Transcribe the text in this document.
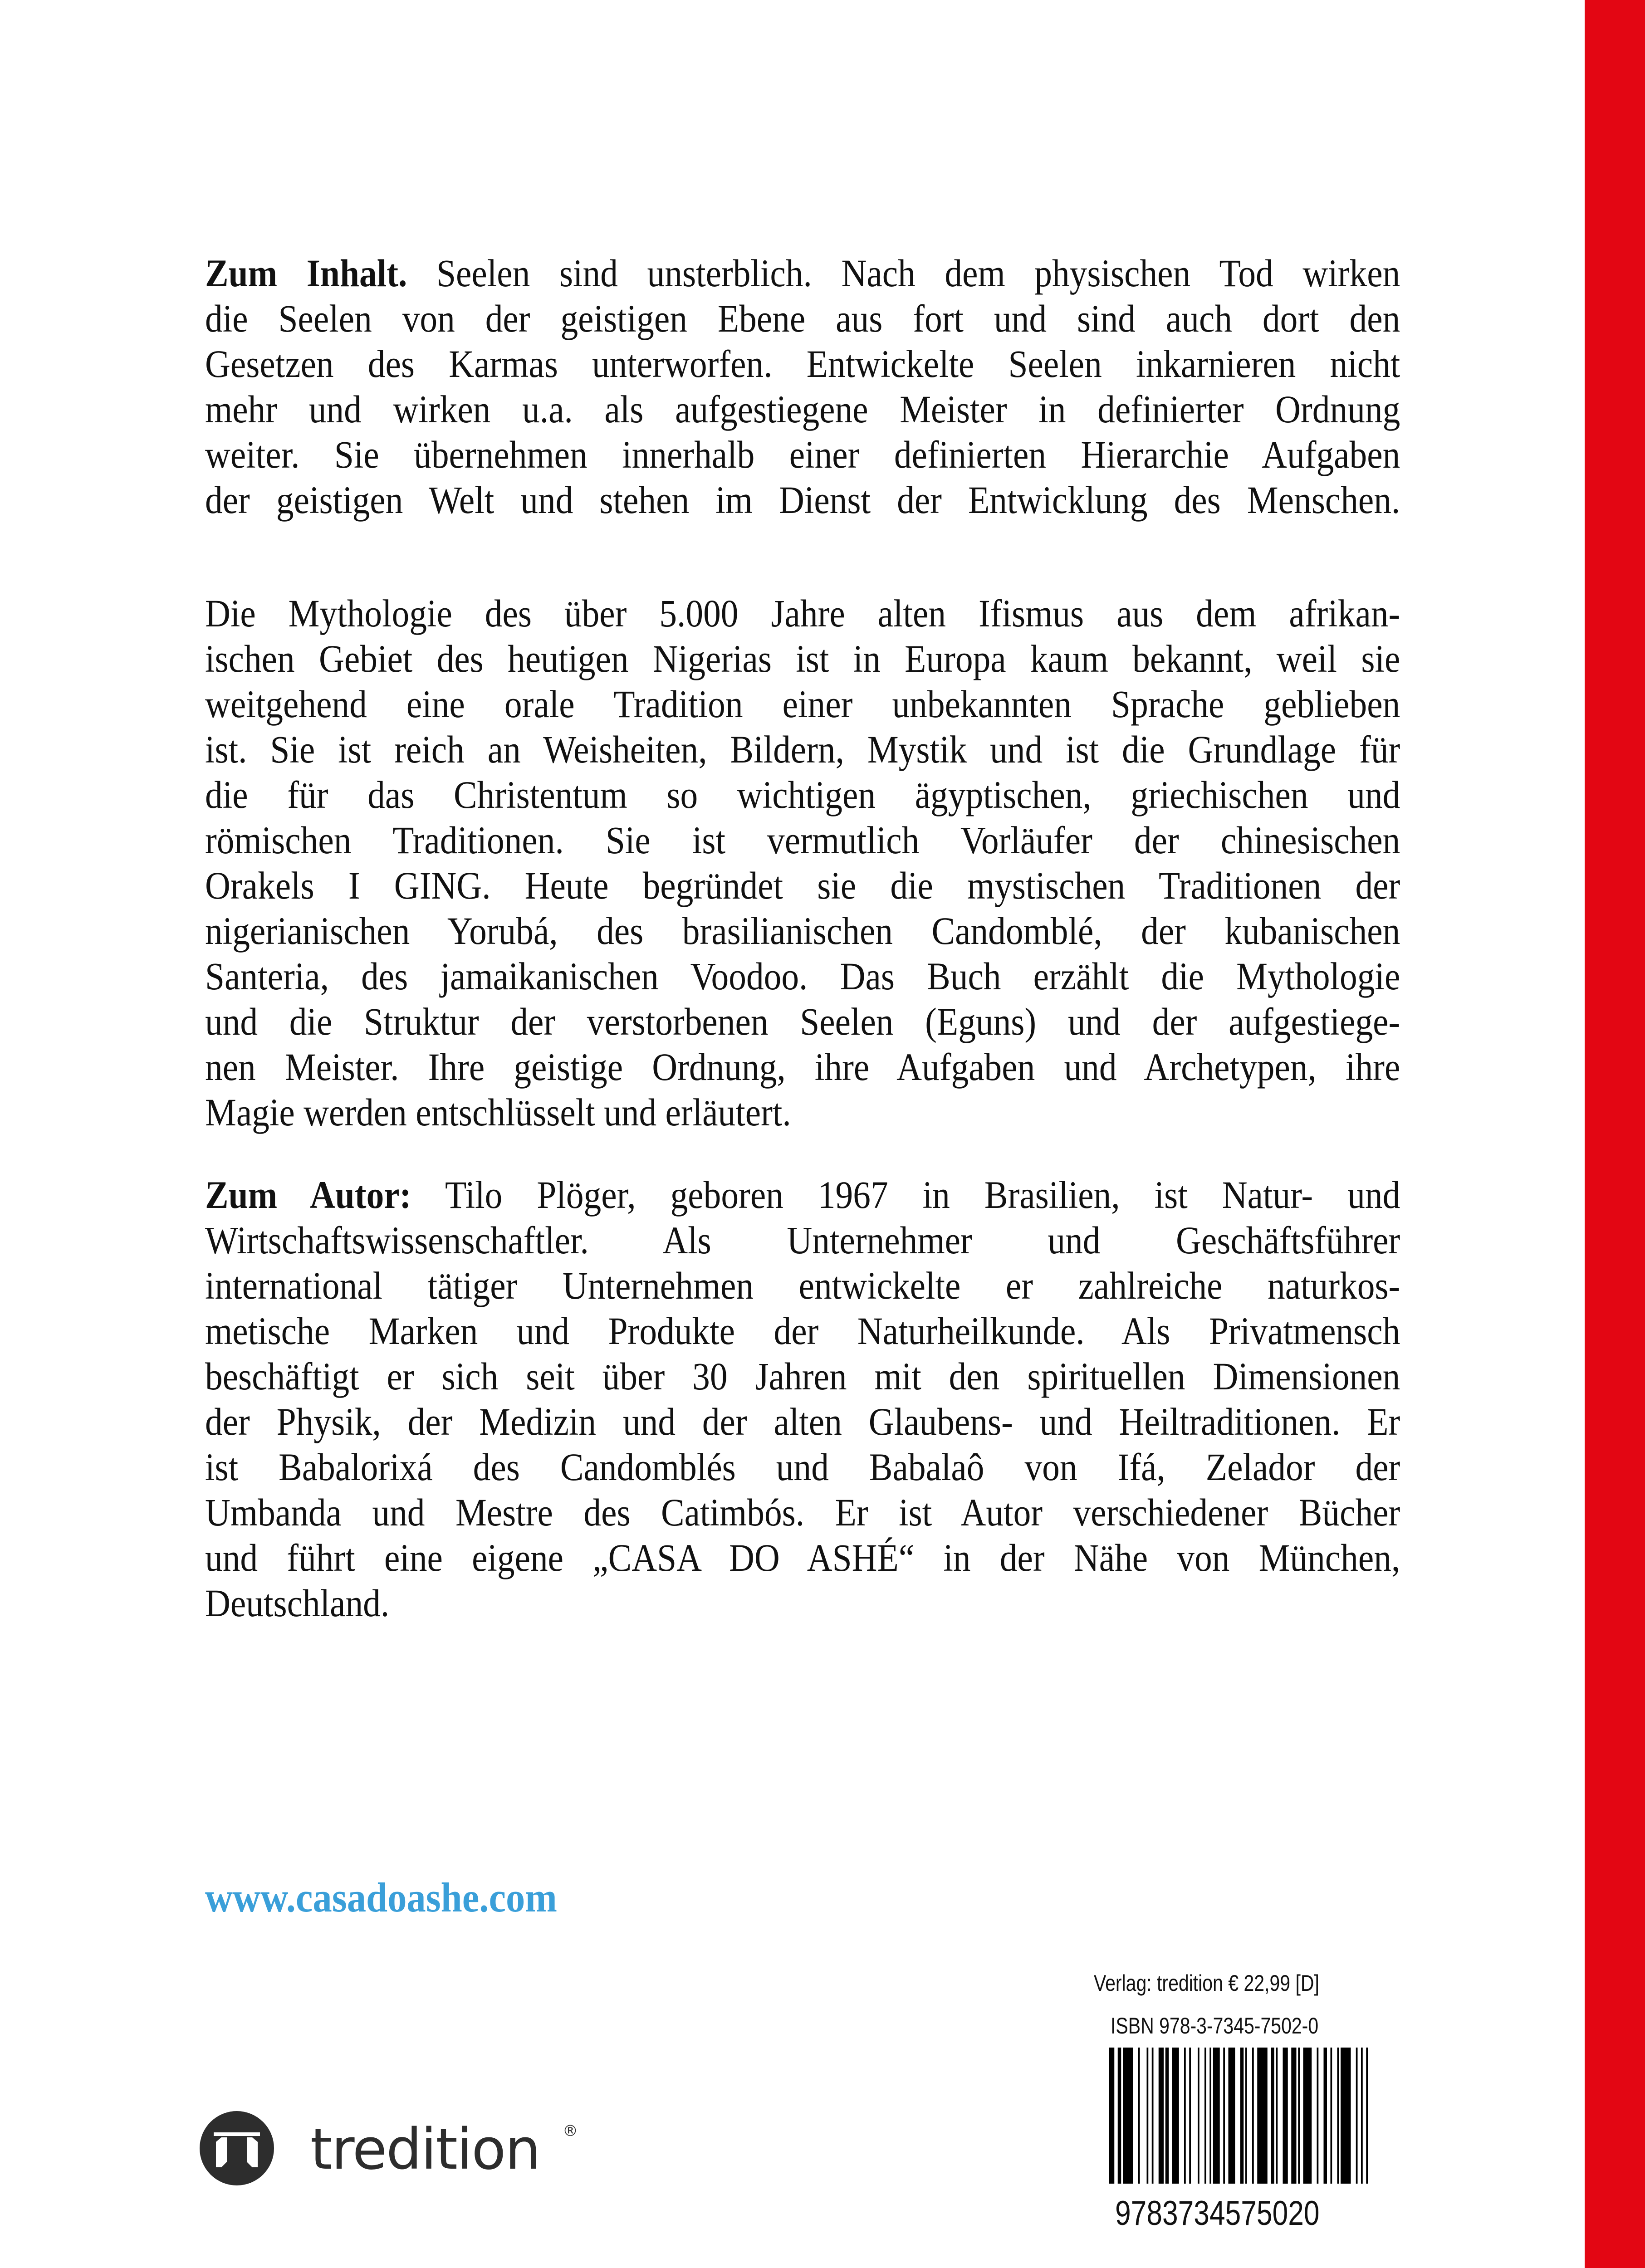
Zum Inhalt. Seelen sind unsterblich. Nach dem physischen Tod wirken
die Seelen von der geistigen Ebene aus fort und sind auch dort den
Gesetzen des Karmas unterworfen. Entwickelte Seelen inkarnieren nicht
mehr und wirken u.a. als aufgestiegene Meister in definierter Ordnung
weiter. Sie übernehmen innerhalb einer definierten Hierarchie Aufgaben
der geistigen Welt und stehen im Dienst der Entwicklung des Menschen.
Die Mythologie des über 5.000 Jahre alten Ifismus aus dem afrikan-
ischen Gebiet des heutigen Nigerias ist in Europa kaum bekannt, weil sie
weitgehend eine orale Tradition einer unbekannten Sprache geblieben
ist. Sie ist reich an Weisheiten, Bildern, Mystik und ist die Grundlage für
die für das Christentum so wichtigen ägyptischen, griechischen und
römischen Traditionen. Sie ist vermutlich Vorläufer der chinesischen
Orakels I GING. Heute begründet sie die mystischen Traditionen der
nigerianischen Yorubá, des brasilianischen Candomblé, der kubanischen
Santeria, des jamaikanischen Voodoo. Das Buch erzählt die Mythologie
und die Struktur der verstorbenen Seelen (Eguns) und der aufgestiege-
nen Meister. Ihre geistige Ordnung, ihre Aufgaben und Archetypen, ihre
Magie werden entschlüsselt und erläutert.
Zum Autor: Tilo Plöger, geboren 1967 in Brasilien, ist Natur- und
Wirtschaftswissenschaftler. Als Unternehmer und Geschäftsführer
international tätiger Unternehmen entwickelte er zahlreiche naturkos-
metische Marken und Produkte der Naturheilkunde. Als Privatmensch
beschäftigt er sich seit über 30 Jahren mit den spirituellen Dimensionen
der Physik, der Medizin und der alten Glaubens- und Heiltraditionen. Er
ist Babalorixá des Candomblés und Babalaô von Ifá, Zelador der
Umbanda und Mestre des Catimbós. Er ist Autor verschiedener Bücher
und führt eine eigene „CASA DO ASHÉ“ in der Nähe von München,
Deutschland.
www.casadoashe.com
Verlag: tredition € 22,99 [D]
ISBN 978-3-7345-7502-0
9783734575020
tredition ®
